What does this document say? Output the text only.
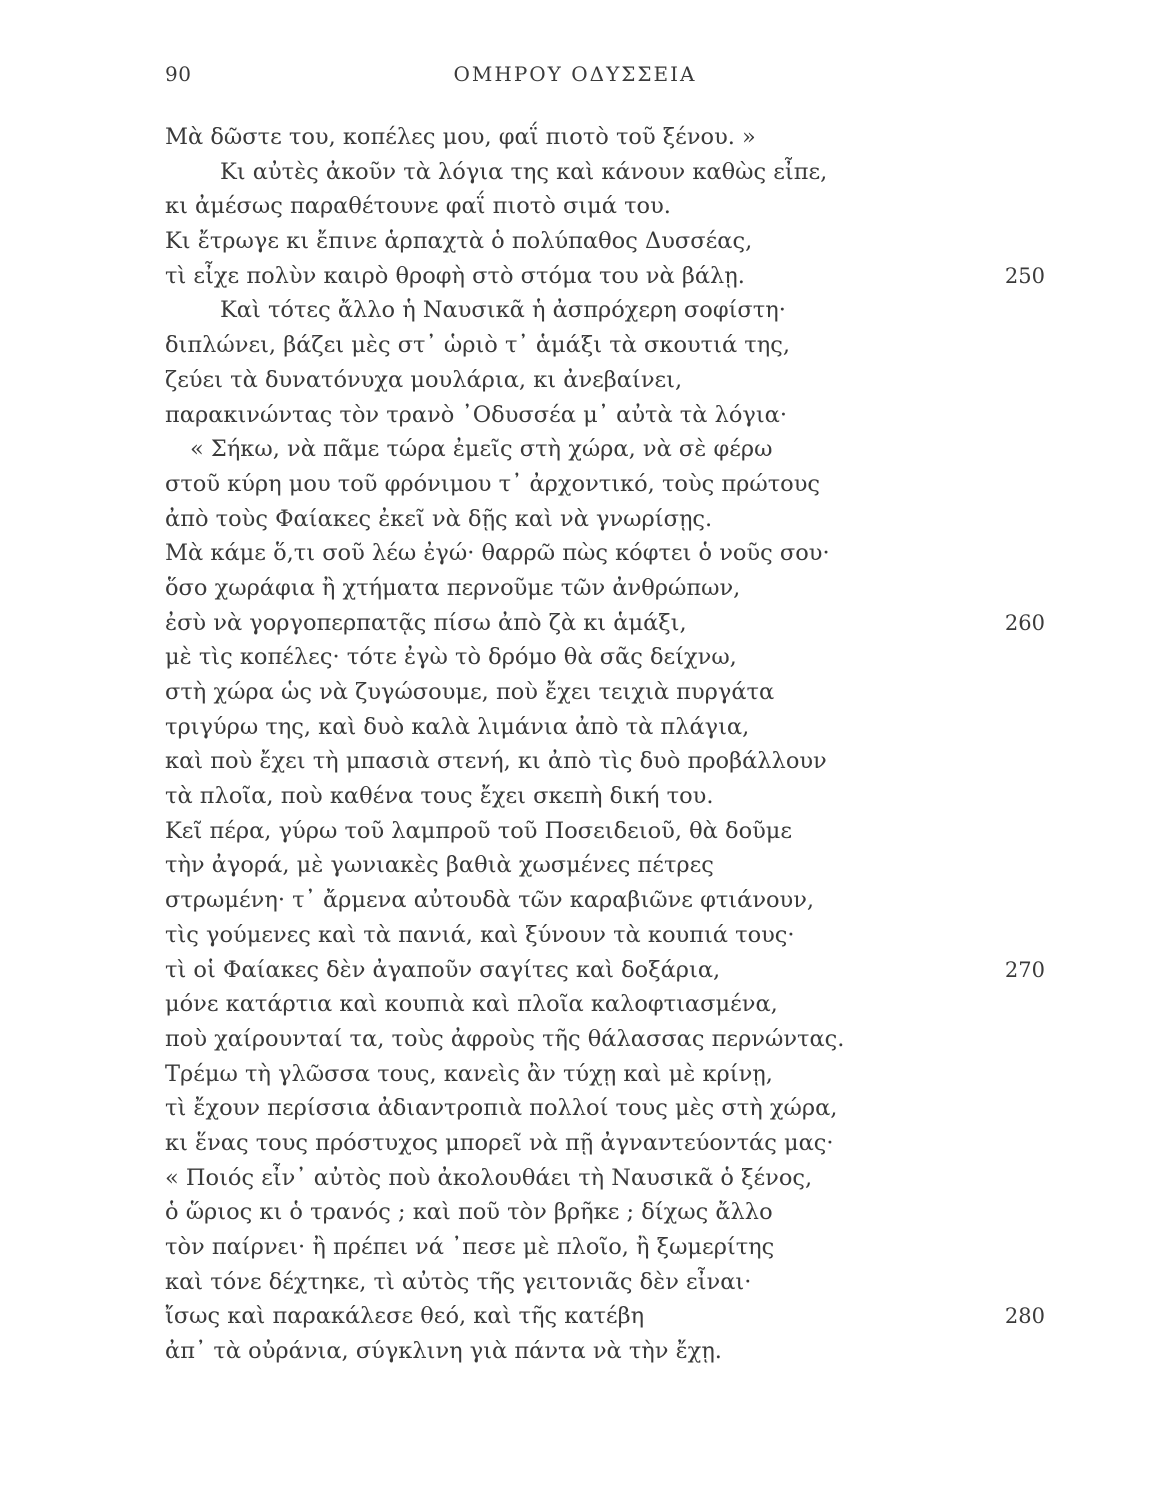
90	ΟΜΗΡΟΥ ΟΔΥΣΣΕΙΑ
Μὰ δῶστε του, κοπέλες μου, φαΐ πιοτὸ τοῦ ξένου. »
Κι αὐτὲς ἀκοῦν τὰ λόγια της καὶ κάνουν καθὼς εἶπε,
κι ἀμέσως παραθέτουνε φαΐ πιοτὸ σιμά του.
Κι ἔτρωγε κι ἔπινε ἁρπαχτὰ ὁ πολύπαθος Δυσσέας,
τὶ εἶχε πολὺν καιρὸ θροφὴ στὸ στόμα του νὰ βάλῃ.	250
Καὶ τότες ἄλλο ἡ Ναυσικᾶ ἡ ἀσπρόχερη σοφίστη·
διπλώνει, βάζει μὲς στ᾽ ὡριὸ τ᾽ ἁμάξι τὰ σκουτιά της,
ζεύει τὰ δυνατόνυχα μουλάρια, κι ἀνεβαίνει,
παρακινώντας τὸν τρανὸ ᾿Οδυσσέα μ᾽ αὐτὰ τὰ λόγια·
« Σήκω, νὰ πᾶμε τώρα ἐμεῖς στὴ χώρα, νὰ σὲ φέρω
στοῦ κύρη μου τοῦ φρόνιμου τ᾽ ἀρχοντικό, τοὺς πρώτους
ἀπὸ τοὺς Φαίακες ἐκεῖ νὰ δῇς καὶ νὰ γνωρίσῃς.
Μὰ κάμε ὅ,τι σοῦ λέω ἐγώ· θαρρῶ πὼς κόφτει ὁ νοῦς σου·
ὅσο χωράφια ἢ χτήματα περνοῦμε τῶν ἀνθρώπων,
ἐσὺ νὰ γοργοπερπατᾷς πίσω ἀπὸ ζὰ κι ἁμάξι,	260
μὲ τὶς κοπέλες· τότε ἐγὼ τὸ δρόμο θὰ σᾶς δείχνω,
στὴ χώρα ὡς νὰ ζυγώσουμε, ποὺ ἔχει τειχιὰ πυργάτα
τριγύρω της, καὶ δυὸ καλὰ λιμάνια ἀπὸ τὰ πλάγια,
καὶ ποὺ ἔχει τὴ μπασιὰ στενή, κι ἀπὸ τὶς δυὸ προβάλλουν
τὰ πλοῖα, ποὺ καθένα τους ἔχει σκεπὴ δική του.
Κεῖ πέρα, γύρω τοῦ λαμπροῦ τοῦ Ποσειδειοῦ, θὰ δοῦμε
τὴν ἀγορά, μὲ γωνιακὲς βαθιὰ χωσμένες πέτρες
στρωμένη· τ᾽ ἄρμενα αὐτουδὰ τῶν καραβιῶνε φτιάνουν,
τὶς γούμενες καὶ τὰ πανιά, καὶ ξύνουν τὰ κουπιά τους·
τὶ οἱ Φαίακες δὲν ἀγαποῦν σαγίτες καὶ δοξάρια,	270
μόνε κατάρτια καὶ κουπιὰ καὶ πλοῖα καλοφτιασμένα,
ποὺ χαίρουνταί τα, τοὺς ἀφροὺς τῆς θάλασσας περνώντας.
Τρέμω τὴ γλῶσσα τους, κανεὶς ἂν τύχῃ καὶ μὲ κρίνῃ,
τὶ ἔχουν περίσσια ἀδιαντροπιὰ πολλοί τους μὲς στὴ χώρα,
κι ἕνας τους πρόστυχος μπορεῖ νὰ πῇ ἀγναντεύοντάς μας·
« Ποιός εἶν᾽ αὐτὸς ποὺ ἀκολουθάει τὴ Ναυσικᾶ ὁ ξένος,
ὁ ὥριος κι ὁ τρανός ; καὶ ποῦ τὸν βρῆκε ; δίχως ἄλλο
τὸν παίρνει· ἢ πρέπει νά ᾽πεσε μὲ πλοῖο, ἢ ξωμερίτης
καὶ τόνε δέχτηκε, τὶ αὐτὸς τῆς γειτονιᾶς δὲν εἶναι·
ἴσως καὶ παρακάλεσε θεό, καὶ τῆς κατέβη	280
ἀπ᾽ τὰ οὐράνια, σύγκλινη γιὰ πάντα νὰ τὴν ἔχῃ.
